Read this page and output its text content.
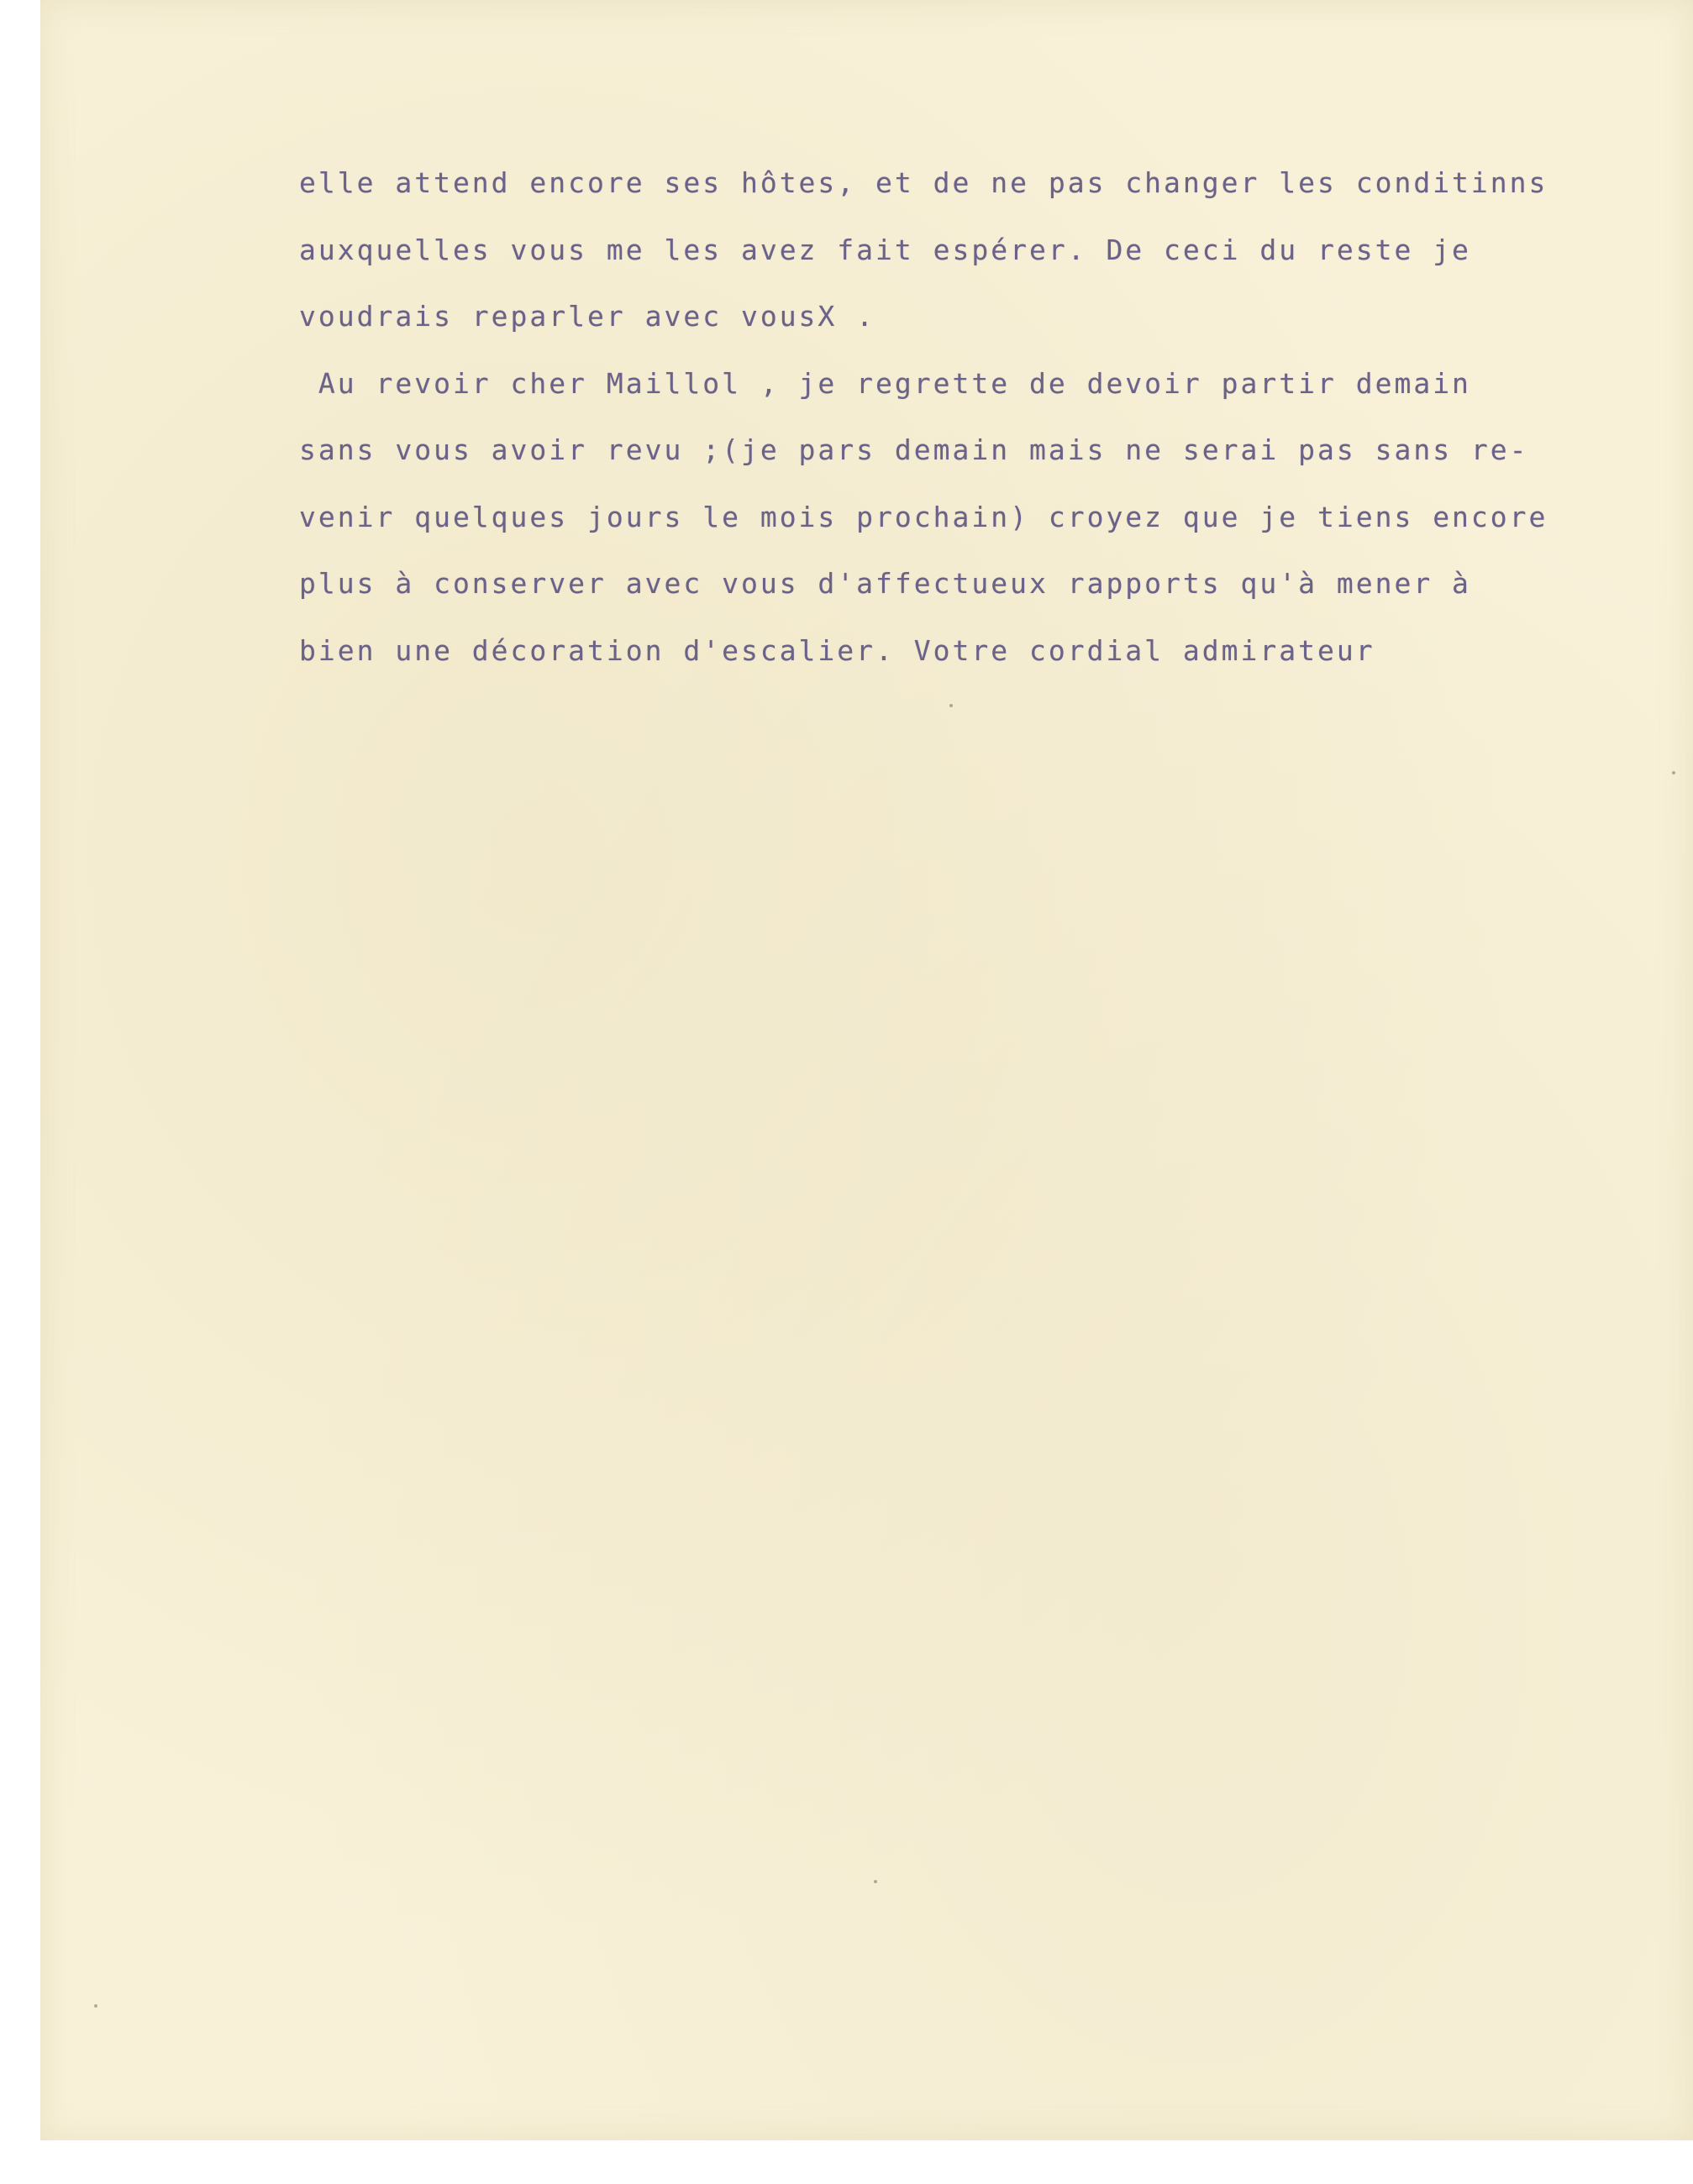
elle attend encore ses hôtes, et de ne pas changer les conditinns
auxquelles vous me les avez fait espérer. De ceci du reste je
voudrais reparler avec vousX .
Au revoir cher Maillol , je regrette de devoir partir demain
sans vous avoir revu ;(je pars demain mais ne serai pas sans re-
venir quelques jours le mois prochain) croyez que je tiens encore
plus à conserver avec vous d'affectueux rapports qu'à mener à
bien une décoration d'escalier. Votre cordial admirateur
